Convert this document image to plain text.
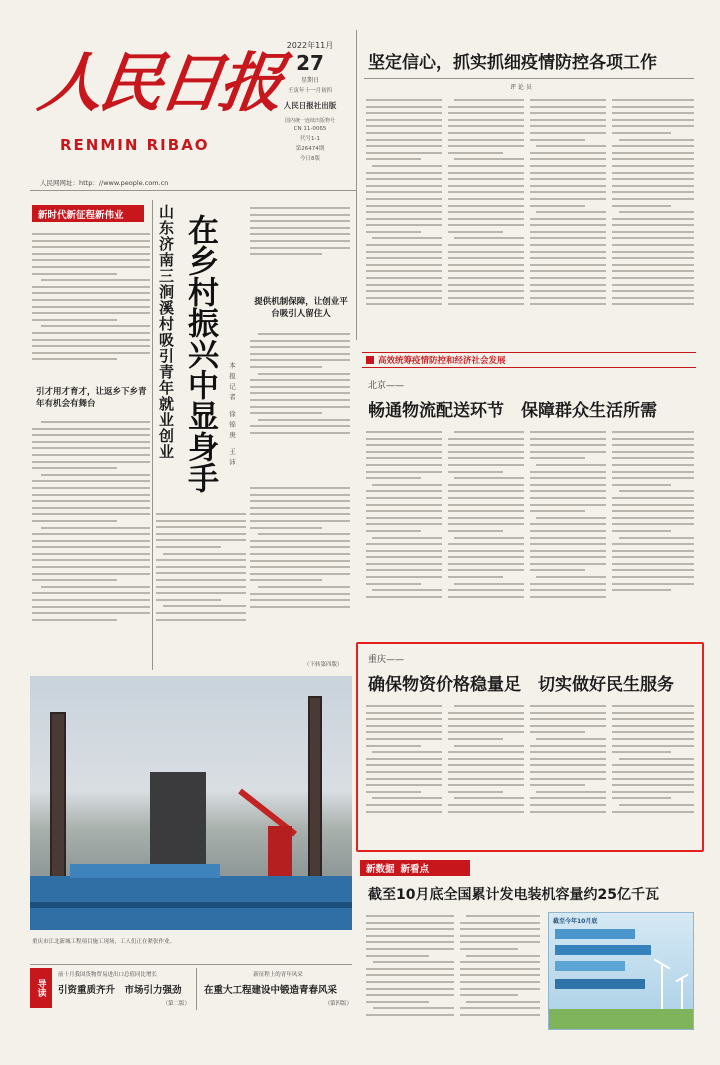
人民日报
RENMIN RIBAO
人民网网址：http：//www.people.com.cn
2022年11月
27
星期日
壬寅年十一月初四
人民日报社出版
国内统一连续出版物号
CN 11-0065
代号1-1
第26474期
今日8版
坚定信心，抓实抓细疫情防控各项工作
评 论 员
新时代新征程新伟业
引才用才育才，让返乡下乡青年有机会有舞台	山东济南三涧溪村吸引青年就业创业 在乡村振兴中显身手	本报记者 徐锦庚 王沛
提供机制保障，让创业平台吸引人留住人
（下转第四版）
高效统筹疫情防控和经济社会发展
北京——
畅通物流配送环节　保障群众生活所需
重庆——
确保物资价格稳量足　切实做好民生服务
重庆市江北新城工程项目施工现场，工人们正在紧张作业。
新数据 新看点
截至10月底全国累计发电装机容量约25亿千瓦
截至今年10月底
导读
前十月我国货物贸易进出口总值同比增长
引资重质齐升　市场引力强劲
（第二版）
新征程上的青年风采
在重大工程建设中锻造青春风采
（第四版）
